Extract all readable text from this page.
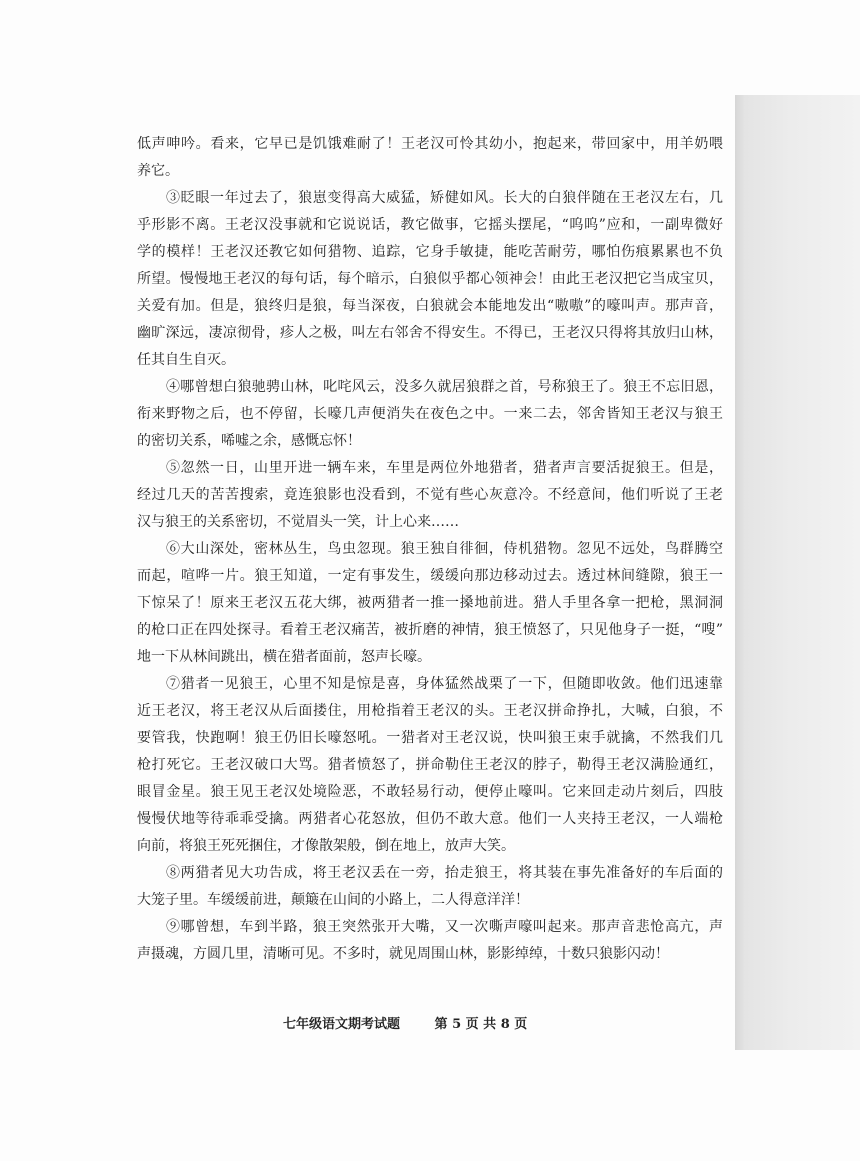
低声呻吟。看来，它早已是饥饿难耐了！王老汉可怜其幼小，抱起来，带回家中，用羊奶喂
养它。
③眨眼一年过去了，狼崽变得高大威猛，矫健如风。长大的白狼伴随在王老汉左右，几
乎形影不离。王老汉没事就和它说说话，教它做事，它摇头摆尾，“呜呜”应和，一副卑微好
学的模样！王老汉还教它如何猎物、追踪，它身手敏捷，能吃苦耐劳，哪怕伤痕累累也不负
所望。慢慢地王老汉的每句话，每个暗示，白狼似乎都心领神会！由此王老汉把它当成宝贝，
关爱有加。但是，狼终归是狼，每当深夜，白狼就会本能地发出“嗷嗷”的嚎叫声。那声音，
幽旷深远，凄凉彻骨，疹人之极，叫左右邻舍不得安生。不得已，王老汉只得将其放归山林，
任其自生自灭。
④哪曾想白狼驰骋山林，叱咤风云，没多久就居狼群之首，号称狼王了。狼王不忘旧恩，
衔来野物之后，也不停留，长嚎几声便消失在夜色之中。一来二去，邻舍皆知王老汉与狼王
的密切关系，唏嘘之余，感慨忘怀！
⑤忽然一日，山里开进一辆车来，车里是两位外地猎者，猎者声言要活捉狼王。但是，
经过几天的苦苦搜索，竟连狼影也没看到，不觉有些心灰意冷。不经意间，他们听说了王老
汉与狼王的关系密切，不觉眉头一笑，计上心来……
⑥大山深处，密林丛生，鸟虫忽现。狼王独自徘徊，侍机猎物。忽见不远处，鸟群腾空
而起，喧哗一片。狼王知道，一定有事发生，缓缓向那边移动过去。透过林间缝隙，狼王一
下惊呆了！原来王老汉五花大绑，被两猎者一推一搡地前进。猎人手里各拿一把枪，黑洞洞
的枪口正在四处探寻。看着王老汉痛苦，被折磨的神情，狼王愤怒了，只见他身子一挺，“嗖”
地一下从林间跳出，横在猎者面前，怒声长嚎。
⑦猎者一见狼王，心里不知是惊是喜，身体猛然战栗了一下，但随即收敛。他们迅速靠
近王老汉，将王老汉从后面搂住，用枪指着王老汉的头。王老汉拼命挣扎，大喊，白狼，不
要管我，快跑啊！狼王仍旧长嚎怒吼。一猎者对王老汉说，快叫狼王束手就擒，不然我们几
枪打死它。王老汉破口大骂。猎者愤怒了，拼命勒住王老汉的脖子，勒得王老汉满脸通红，
眼冒金星。狼王见王老汉处境险恶，不敢轻易行动，便停止嚎叫。它来回走动片刻后，四肢
慢慢伏地等待乖乖受擒。两猎者心花怒放，但仍不敢大意。他们一人夹持王老汉，一人端枪
向前，将狼王死死捆住，才像散架般，倒在地上，放声大笑。
⑧两猎者见大功告成，将王老汉丢在一旁，抬走狼王，将其装在事先准备好的车后面的
大笼子里。车缓缓前进，颠簸在山间的小路上，二人得意洋洋！
⑨哪曾想，车到半路，狼王突然张开大嘴，又一次嘶声嚎叫起来。那声音悲怆高亢，声
声摄魂，方圆几里，清晰可见。不多时，就见周围山林，影影绰绰，十数只狼影闪动！
七年级语文期考试题	第 5 页 共 8 页
